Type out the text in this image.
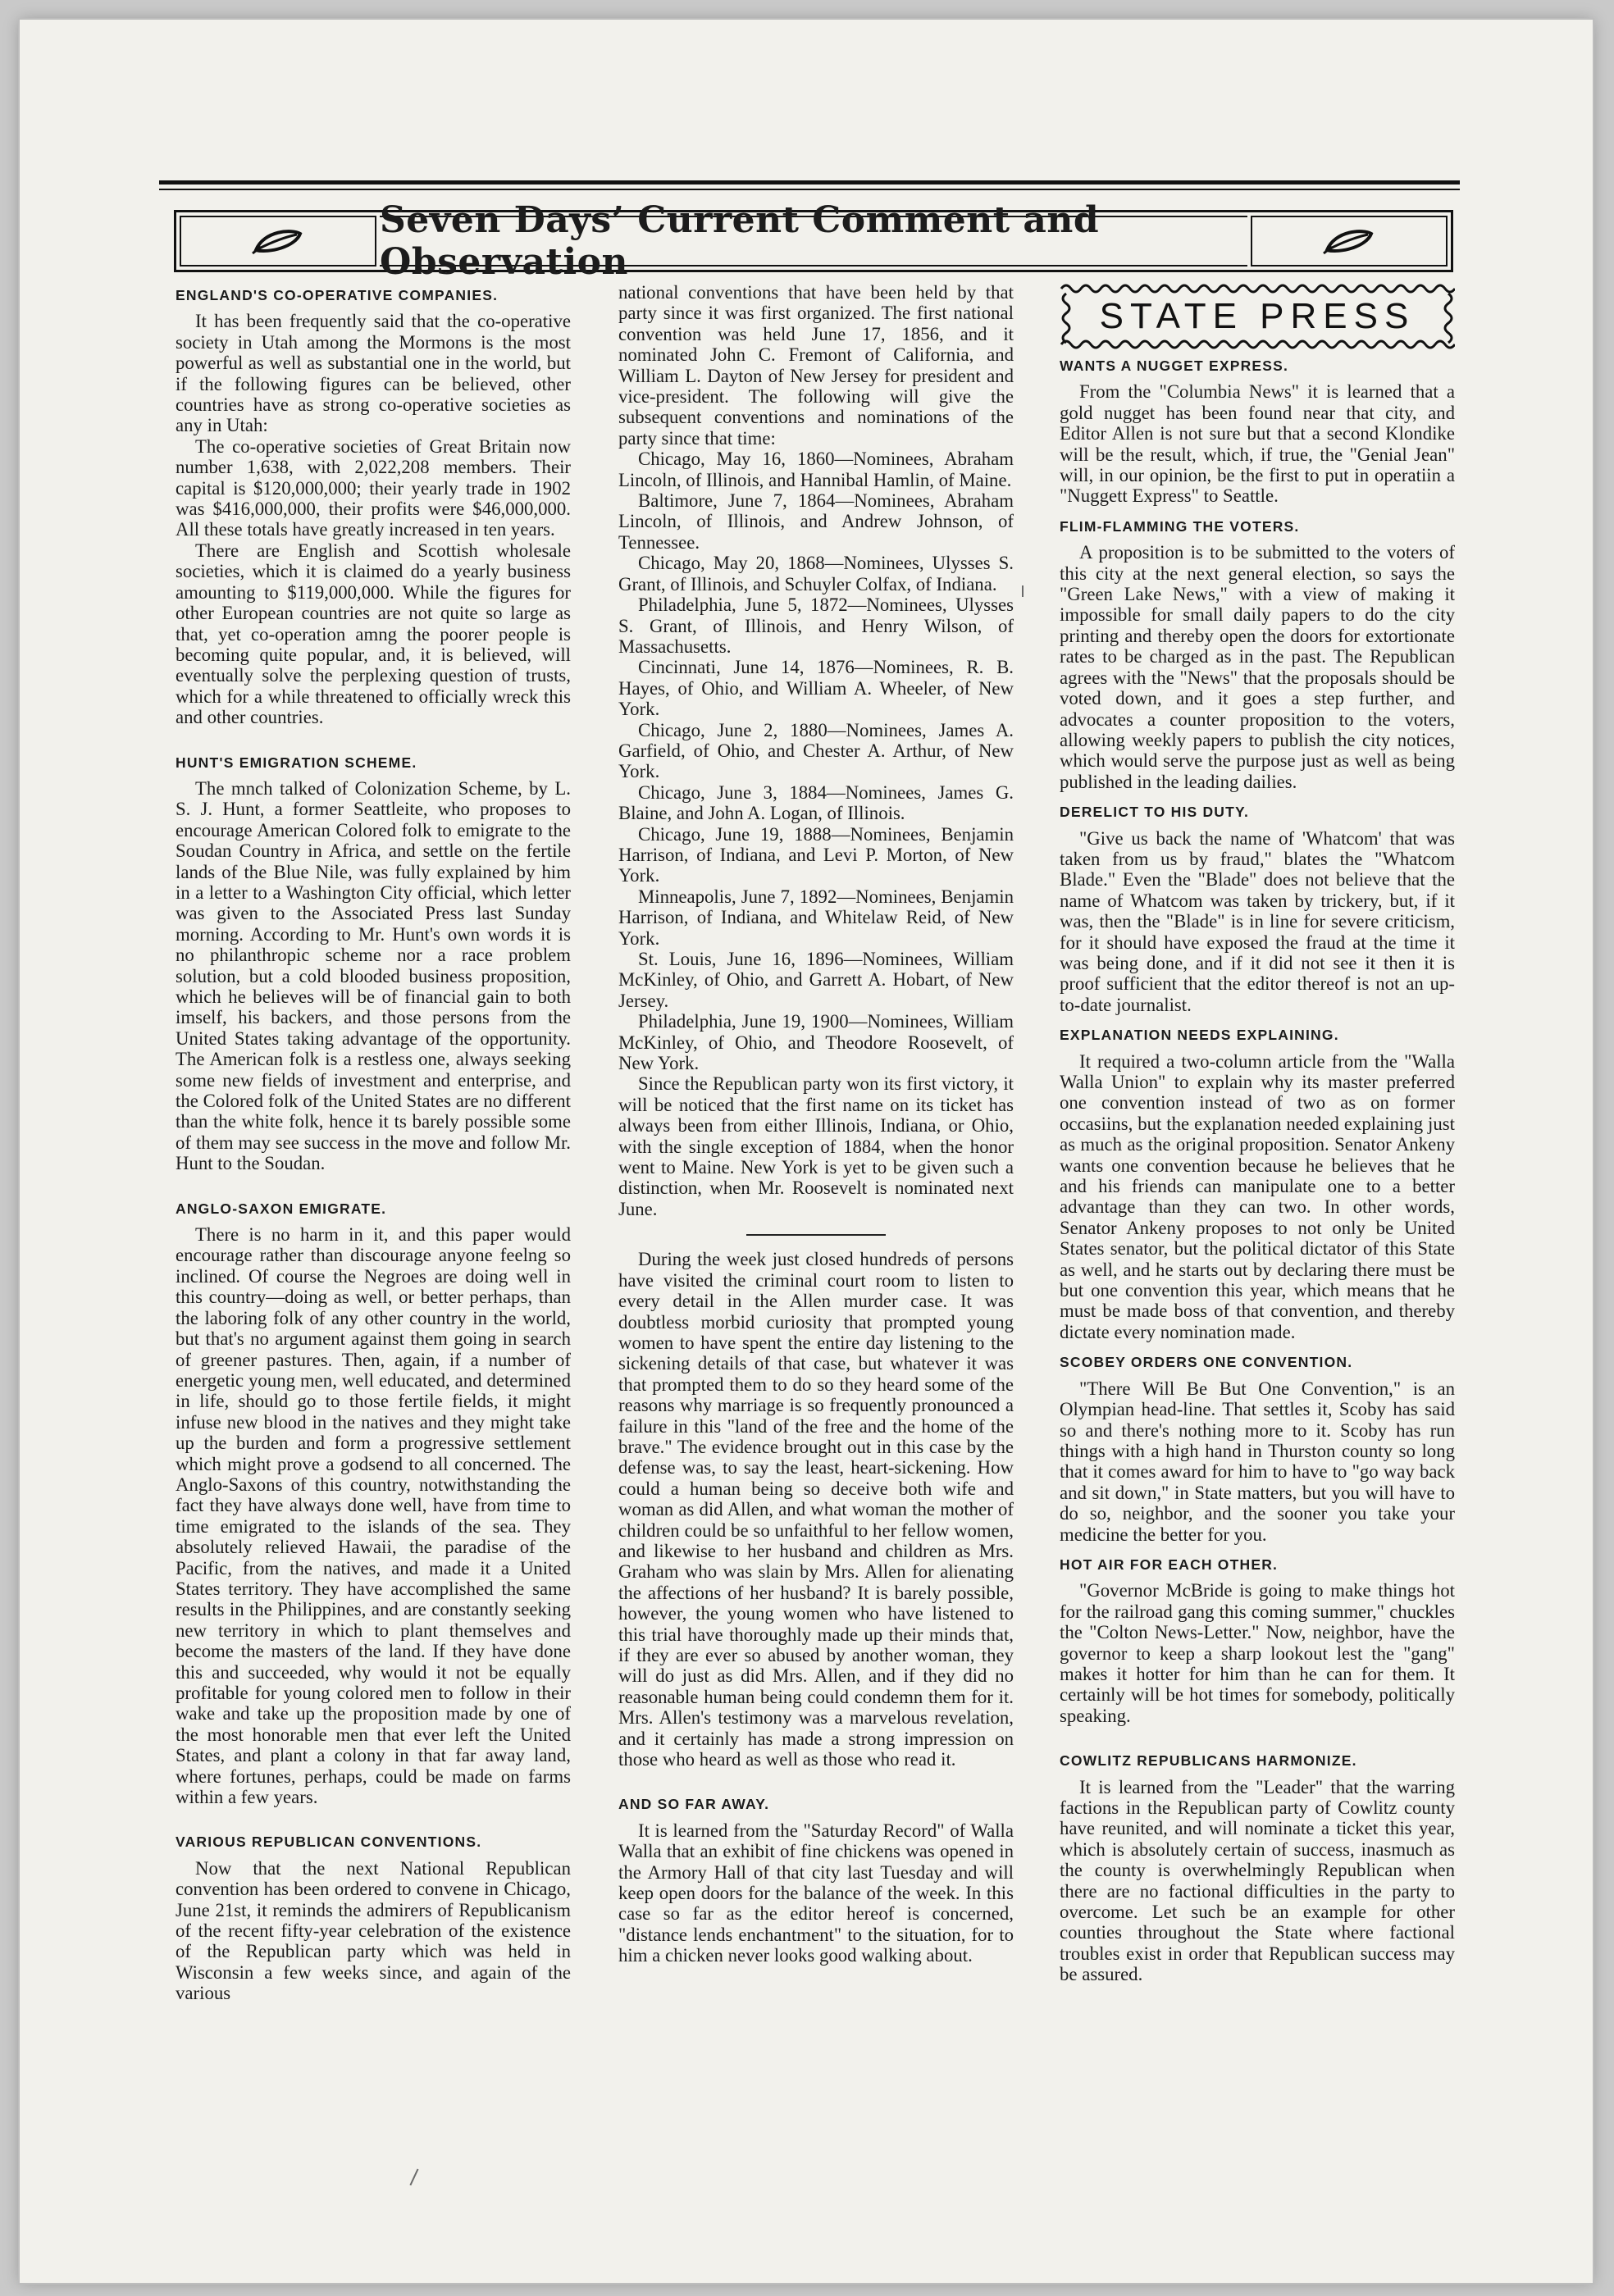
Seven Days’ Current Comment and Observation
ENGLAND'S CO-OPERATIVE COMPANIES.

It has been frequently said that the co-operative society in Utah among the Mormons is the most powerful as well as substantial one in the world, but if the following figures can be believed, other countries have as strong co-operative societies as any in Utah:

The co-operative societies of Great Britain now number 1,638, with 2,022,208 members. Their capital is $120,000,000; their yearly trade in 1902 was $416,000,000, their profits were $46,000,000. All these totals have greatly increased in ten years.

There are English and Scottish wholesale societies, which it is claimed do a yearly business amounting to $119,000,000. While the figures for other European countries are not quite so large as that, yet co-operation amng the poorer people is becoming quite popular, and, it is believed, will eventually solve the perplexing question of trusts, which for a while threatened to officially wreck this and other countries.

HUNT'S EMIGRATION SCHEME.

The mnch talked of Colonization Scheme, by L. S. J. Hunt, a former Seattleite, who proposes to encourage American Colored folk to emigrate to the Soudan Country in Africa, and settle on the fertile lands of the Blue Nile, was fully explained by him in a letter to a Washington City official, which letter was given to the Associated Press last Sunday morning. According to Mr. Hunt's own words it is no philanthropic scheme nor a race problem solution, but a cold blooded business proposition, which he believes will be of financial gain to both imself, his backers, and those persons from the United States taking advantage of the opportunity. The American folk is a restless one, always seeking some new fields of investment and enterprise, and the Colored folk of the United States are no different than the white folk, hence it ts barely possible some of them may see success in the move and follow Mr. Hunt to the Soudan.

ANGLO-SAXON EMIGRATE.

There is no harm in it, and this paper would encourage rather than discourage anyone feelng so inclined. Of course the Negroes are doing well in this country—doing as well, or better perhaps, than the laboring folk of any other country in the world, but that's no argument against them going in search of greener pastures. Then, again, if a number of energetic young men, well educated, and determined in life, should go to those fertile fields, it might infuse new blood in the natives and they might take up the burden and form a progressive settlement which might prove a godsend to all concerned. The Anglo-Saxons of this country, notwithstanding the fact they have always done well, have from time to time emigrated to the islands of the sea. They absolutely relieved Hawaii, the paradise of the Pacific, from the natives, and made it a United States territory. They have accomplished the same results in the Philippines, and are constantly seeking new territory in which to plant themselves and become the masters of the land. If they have done this and succeeded, why would it not be equally profitable for young colored men to follow in their wake and take up the proposition made by one of the most honorable men that ever left the United States, and plant a colony in that far away land, where fortunes, perhaps, could be made on farms within a few years.

VARIOUS REPUBLICAN CONVENTIONS.

Now that the next National Republican convention has been ordered to convene in Chicago, June 21st, it reminds the admirers of Republicanism of the recent fifty-year celebration of the existence of the Republican party which was held in Wisconsin a few weeks since, and again of the various

national conventions that have been held by that party since it was first organized. The first national convention was held June 17, 1856, and it nominated John C. Fremont of California, and William L. Dayton of New Jersey for president and vice-president. The following will give the subsequent conventions and nominations of the party since that time:

Chicago, May 16, 1860—Nominees, Abraham Lincoln, of Illinois, and Hannibal Hamlin, of Maine.

Baltimore, June 7, 1864—Nominees, Abraham Lincoln, of Illinois, and Andrew Johnson, of Tennessee.

Chicago, May 20, 1868—Nominees, Ulysses S. Grant, of Illinois, and Schuyler Colfax, of Indiana.

Philadelphia, June 5, 1872—Nominees, Ulysses S. Grant, of Illinois, and Henry Wilson, of Massachusetts.

Cincinnati, June 14, 1876—Nominees, R. B. Hayes, of Ohio, and William A. Wheeler, of New York.

Chicago, June 2, 1880—Nominees, James A. Garfield, of Ohio, and Chester A. Arthur, of New York.

Chicago, June 3, 1884—Nominees, James G. Blaine, and John A. Logan, of Illinois.

Chicago, June 19, 1888—Nominees, Benjamin Harrison, of Indiana, and Levi P. Morton, of New York.

Minneapolis, June 7, 1892—Nominees, Benjamin Harrison, of Indiana, and Whitelaw Reid, of New York.

St. Louis, June 16, 1896—Nominees, William McKinley, of Ohio, and Garrett A. Hobart, of New Jersey.

Philadelphia, June 19, 1900—Nominees, William McKinley, of Ohio, and Theodore Roosevelt, of New York.

Since the Republican party won its first victory, it will be noticed that the first name on its ticket has always been from either Illinois, Indiana, or Ohio, with the single exception of 1884, when the honor went to Maine. New York is yet to be given such a distinction, when Mr. Roosevelt is nominated next June.

During the week just closed hundreds of persons have visited the criminal court room to listen to every detail in the Allen murder case. It was doubtless morbid curiosity that prompted young women to have spent the entire day listening to the sickening details of that case, but whatever it was that prompted them to do so they heard some of the reasons why marriage is so frequently pronounced a failure in this "land of the free and the home of the brave." The evidence brought out in this case by the defense was, to say the least, heart-sickening. How could a human being so deceive both wife and woman as did Allen, and what woman the mother of children could be so unfaithful to her fellow women, and likewise to her husband and children as Mrs. Graham who was slain by Mrs. Allen for alienating the affections of her husband? It is barely possible, however, the young women who have listened to this trial have thoroughly made up their minds that, if they are ever so abused by another woman, they will do just as did Mrs. Allen, and if they did no reasonable human being could condemn them for it. Mrs. Allen's testimony was a marvelous revelation, and it certainly has made a strong impression on those who heard as well as those who read it.

AND SO FAR AWAY.

It is learned from the "Saturday Record" of Walla Walla that an exhibit of fine chickens was opened in the Armory Hall of that city last Tuesday and will keep open doors for the balance of the week. In this case so far as the editor hereof is concerned, "distance lends enchantment" to the situation, for to him a chicken never looks good walking about.

STATE PRESS
WANTS A NUGGET EXPRESS.

From the "Columbia News" it is learned that a gold nugget has been found near that city, and Editor Allen is not sure but that a second Klondike will be the result, which, if true, the "Genial Jean" will, in our opinion, be the first to put in operatiin a "Nuggett Express" to Seattle.

FLIM-FLAMMING THE VOTERS.

A proposition is to be submitted to the voters of this city at the next general election, so says the "Green Lake News," with a view of making it impossible for small daily papers to do the city printing and thereby open the doors for extortionate rates to be charged as in the past. The Republican agrees with the "News" that the proposals should be voted down, and it goes a step further, and advocates a counter proposition to the voters, allowing weekly papers to publish the city notices, which would serve the purpose just as well as being published in the leading dailies.

DERELICT TO HIS DUTY.

"Give us back the name of 'Whatcom' that was taken from us by fraud," blates the "Whatcom Blade." Even the "Blade" does not believe that the name of Whatcom was taken by trickery, but, if it was, then the "Blade" is in line for severe criticism, for it should have exposed the fraud at the time it was being done, and if it did not see it then it is proof sufficient that the editor thereof is not an up-to-date journalist.

EXPLANATION NEEDS EXPLAINING.

It required a two-column article from the "Walla Walla Union" to explain why its master preferred one convention instead of two as on former occasiins, but the explanation needed explaining just as much as the original proposition. Senator Ankeny wants one convention because he believes that he and his friends can manipulate one to a better advantage than they can two. In other words, Senator Ankeny proposes to not only be United States senator, but the political dictator of this State as well, and he starts out by declaring there must be but one convention this year, which means that he must be made boss of that convention, and thereby dictate every nomination made.

SCOBEY ORDERS ONE CONVENTION.

"There Will Be But One Convention," is an Olympian head-line. That settles it, Scoby has said so and there's nothing more to it. Scoby has run things with a high hand in Thurston county so long that it comes award for him to have to "go way back and sit down," in State matters, but you will have to do so, neighbor, and the sooner you take your medicine the better for you.

HOT AIR FOR EACH OTHER.

"Governor McBride is going to make things hot for the railroad gang this coming summer," chuckles the "Colton News-Letter." Now, neighbor, have the governor to keep a sharp lookout lest the "gang" makes it hotter for him than he can for them. It certainly will be hot times for somebody, politically speaking.

COWLITZ REPUBLICANS HARMONIZE.

It is learned from the "Leader" that the warring factions in the Republican party of Cowlitz county have reunited, and will nominate a ticket this year, which is absolutely certain of success, inasmuch as the county is overwhelmingly Republican when there are no factional difficulties in the party to overcome. Let such be an example for other counties throughout the State where factional troubles exist in order that Republican success may be assured.
